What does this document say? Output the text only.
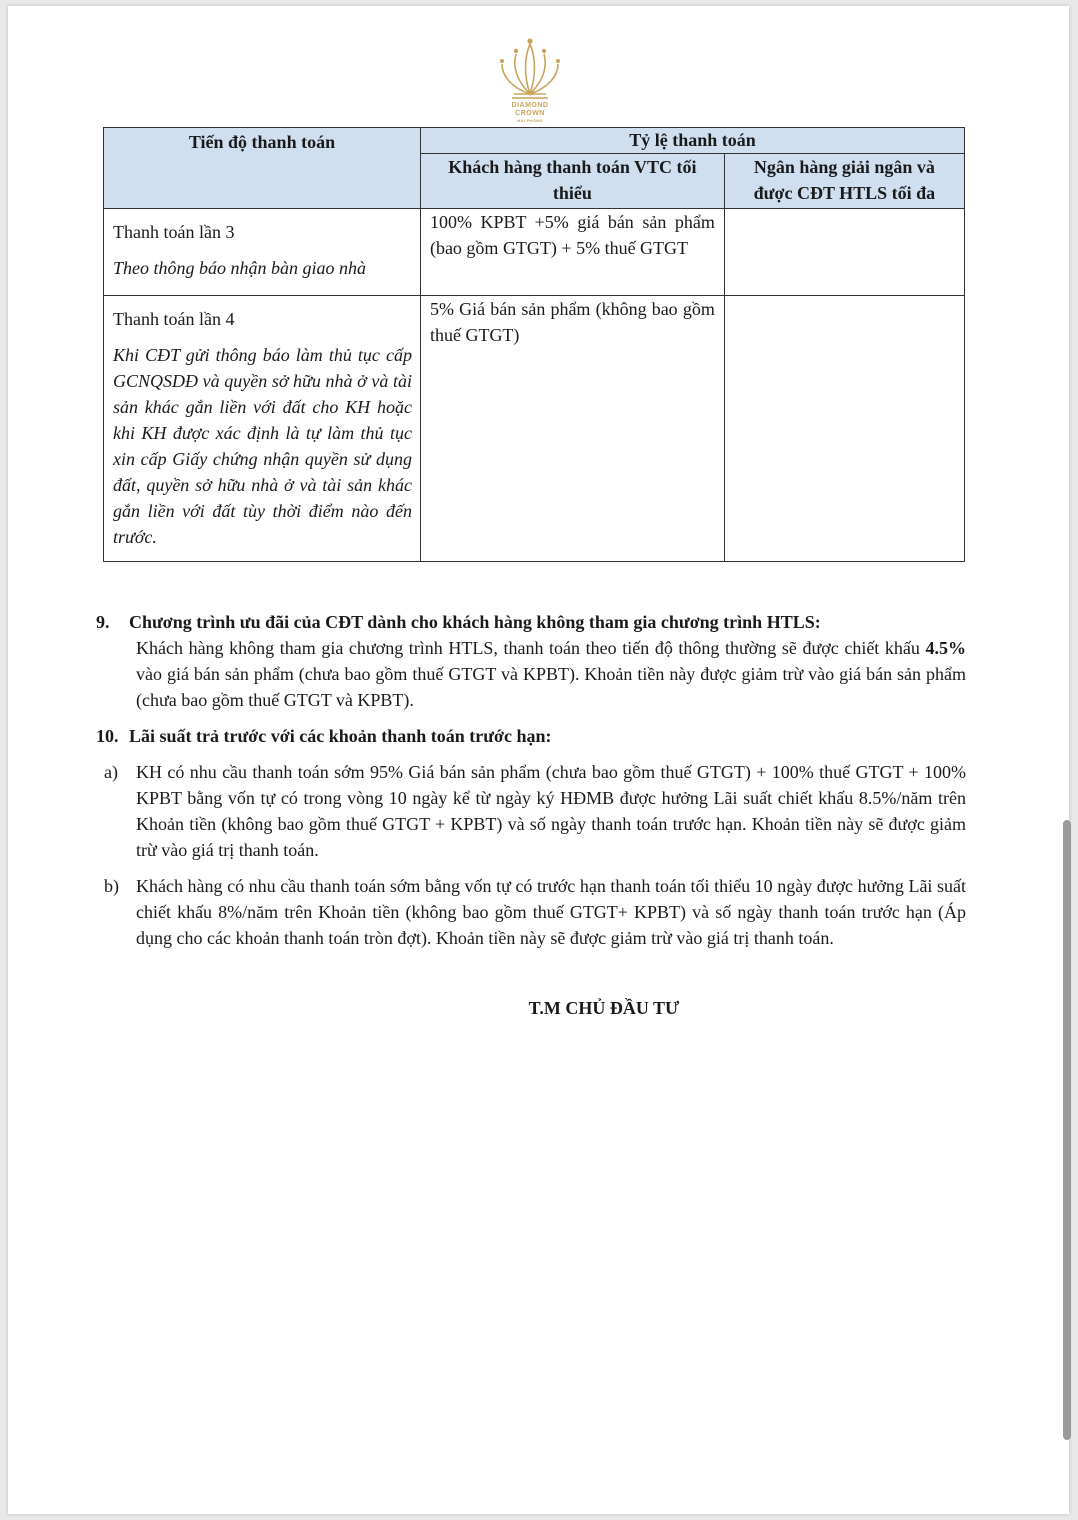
DIAMOND
CROWN
HAI PHONG
Tiến độ thanh toán	Tỷ lệ thanh toán	
	Khách hàng thanh toán VTC tối thiểu	Ngân hàng giải ngân và được CĐT HTLS tối đa

Thanh toán lần 3
Theo thông báo nhận bàn giao nhà	100% KPBT +5% giá bán sản phẩm (bao gồm GTGT) + 5% thuế GTGT	

Thanh toán lần 4
Khi CĐT gửi thông báo làm thủ tục cấp GCNQSDĐ và quyền sở hữu nhà ở và tài sản khác gắn liền với đất cho KH hoặc khi KH được xác định là tự làm thủ tục xin cấp Giấy chứng nhận quyền sử dụng đất, quyền sở hữu nhà ở và tài sản khác gắn liền với đất tùy thời điểm nào đến trước.	5% Giá bán sản phẩm (không bao gồm thuế GTGT)	
9. Chương trình ưu đãi của CĐT dành cho khách hàng không tham gia chương trình HTLS:
Khách hàng không tham gia chương trình HTLS, thanh toán theo tiến độ thông thường sẽ được chiết khấu 4.5% vào giá bán sản phẩm (chưa bao gồm thuế GTGT và KPBT). Khoản tiền này được giảm trừ vào giá bán sản phẩm (chưa bao gồm thuế GTGT và KPBT).
10. Lãi suất trả trước với các khoản thanh toán trước hạn:
a)	KH có nhu cầu thanh toán sớm 95% Giá bán sản phẩm (chưa bao gồm thuế GTGT) + 100% thuế GTGT + 100% KPBT bằng vốn tự có trong vòng 10 ngày kể từ ngày ký HĐMB được hưởng Lãi suất chiết khấu 8.5%/năm trên Khoản tiền (không bao gồm thuế GTGT + KPBT) và số ngày thanh toán trước hạn. Khoản tiền này sẽ được giảm trừ vào giá trị thanh toán.
b) Khách hàng có nhu cầu thanh toán sớm bằng vốn tự có trước hạn thanh toán tối thiểu 10 ngày được hưởng Lãi suất chiết khấu 8%/năm trên Khoản tiền (không bao gồm thuế GTGT+ KPBT) và số ngày thanh toán trước hạn (Áp dụng cho các khoản thanh toán tròn đợt). Khoản tiền này sẽ được giảm trừ vào giá trị thanh toán.
T.M CHỦ ĐẦU TƯ
